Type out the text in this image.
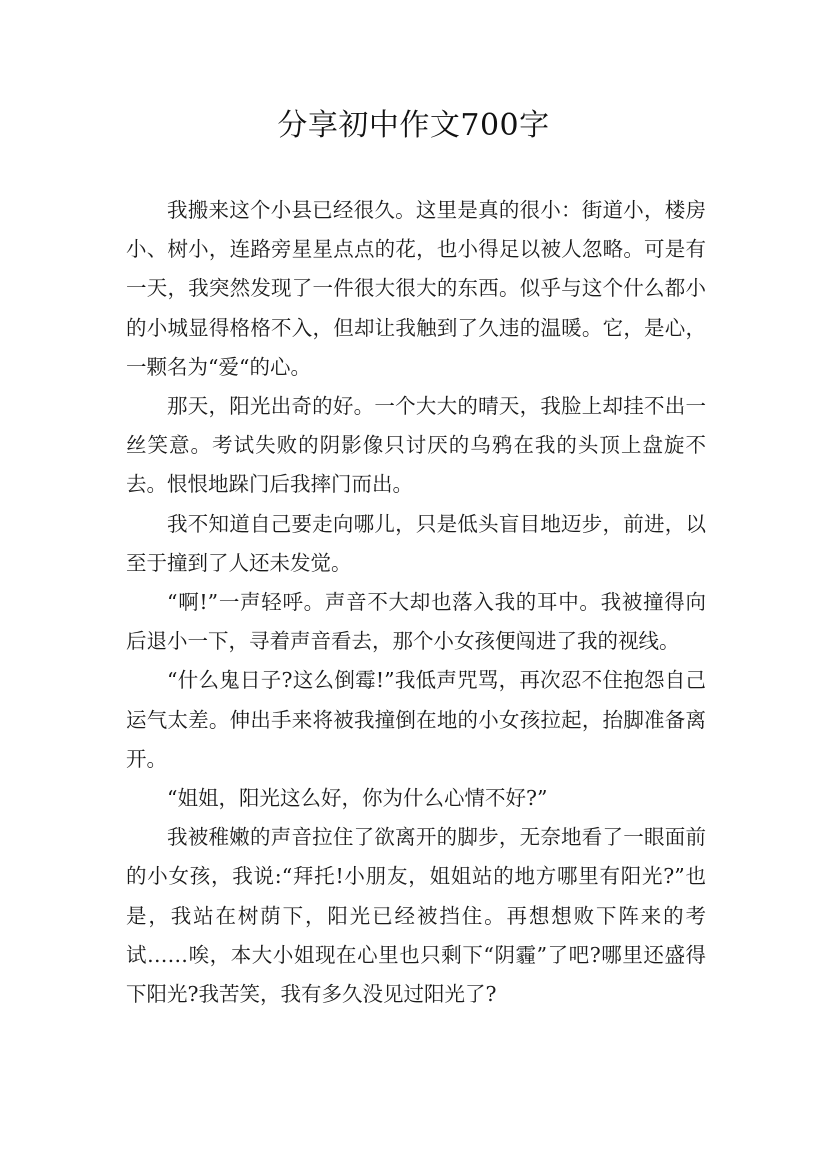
分享初中作文700字

我搬来这个小县已经很久。这里是真的很小：街道小，楼房小、树小，连路旁星星点点的花，也小得足以被人忽略。可是有一天，我突然发现了一件很大很大的东西。似乎与这个什么都小的小城显得格格不入，但却让我触到了久违的温暖。它，是心，一颗名为“爱“的心。

那天，阳光出奇的好。一个大大的晴天，我脸上却挂不出一丝笑意。考试失败的阴影像只讨厌的乌鸦在我的头顶上盘旋不去。恨恨地跺门后我摔门而出。

我不知道自己要走向哪儿，只是低头盲目地迈步，前进，以至于撞到了人还未发觉。

“啊!”一声轻呼。声音不大却也落入我的耳中。我被撞得向后退小一下，寻着声音看去，那个小女孩便闯进了我的视线。

“什么鬼日子?这么倒霉!”我低声咒骂，再次忍不住抱怨自己运气太差。伸出手来将被我撞倒在地的小女孩拉起，抬脚准备离开。

“姐姐，阳光这么好，你为什么心情不好?”

我被稚嫩的声音拉住了欲离开的脚步，无奈地看了一眼面前的小女孩，我说:“拜托!小朋友，姐姐站的地方哪里有阳光?”也是，我站在树荫下，阳光已经被挡住。再想想败下阵来的考试……唉，本大小姐现在心里也只剩下“阴霾”了吧?哪里还盛得下阳光?我苦笑，我有多久没见过阳光了?
